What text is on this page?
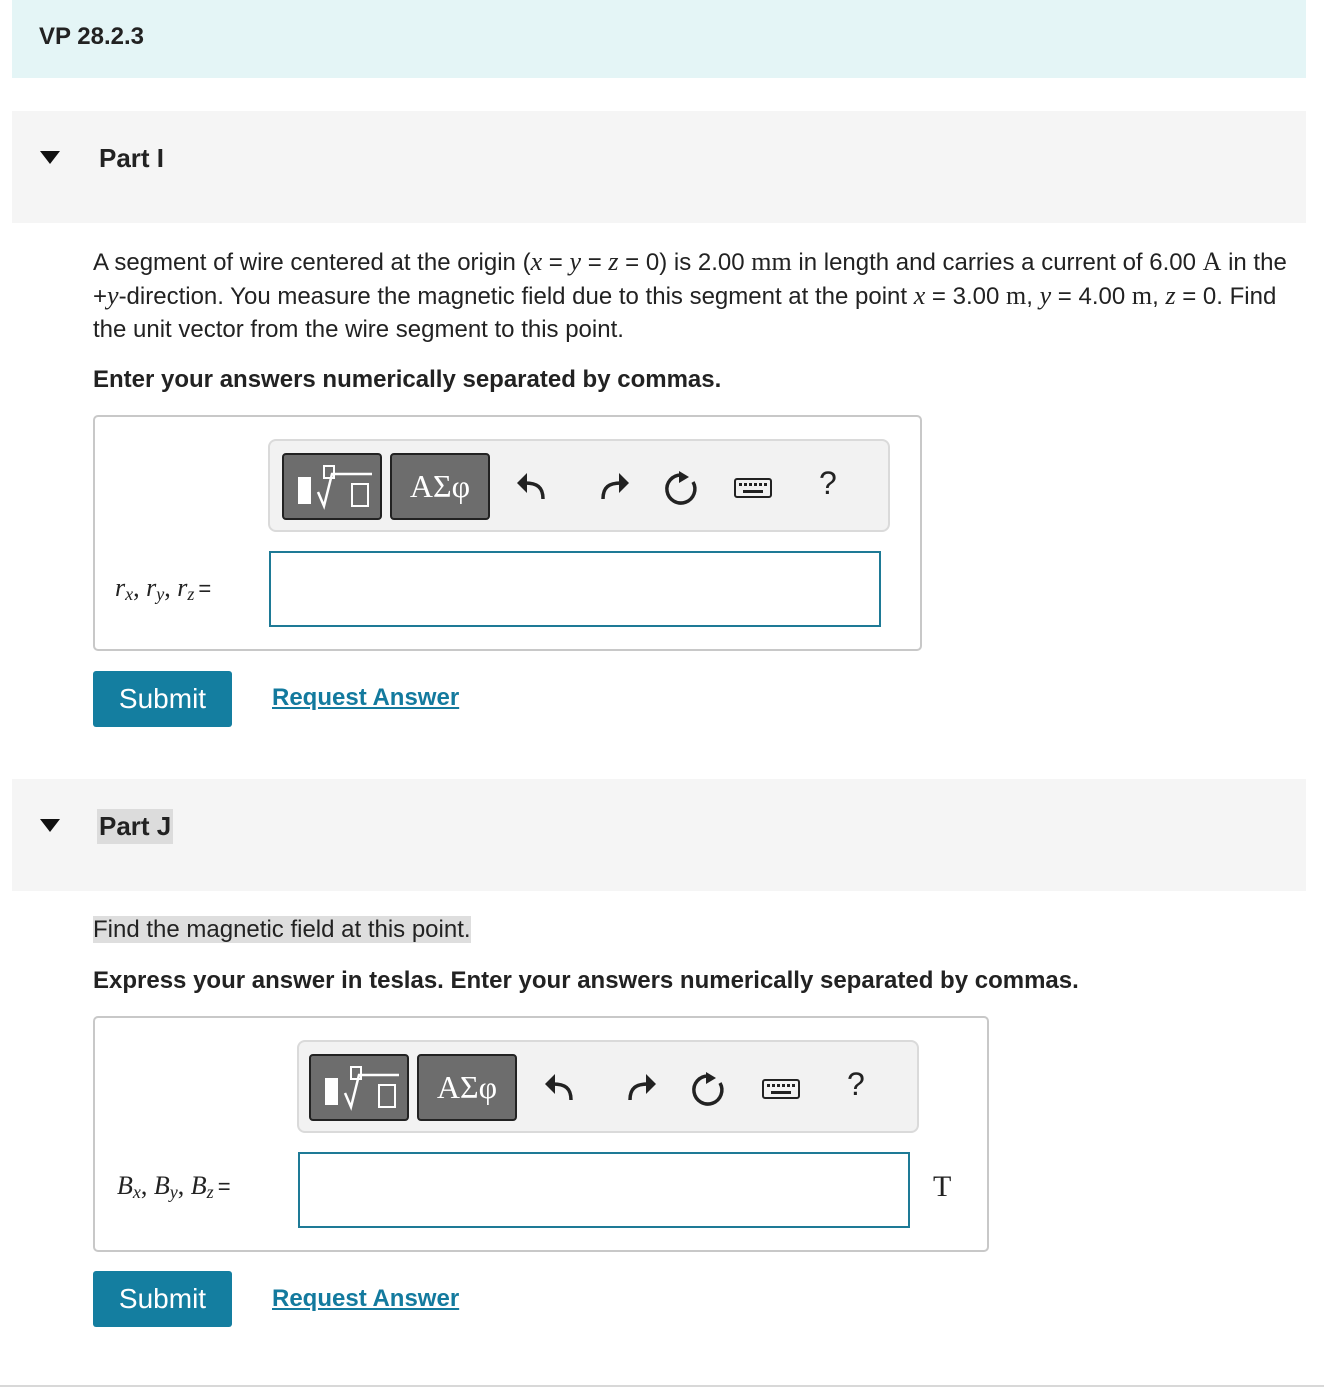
VP 28.2.3
Part I
A segment of wire centered at the origin (x = y = z = 0) is 2.00 mm in length and carries a current of 6.00 A in the +y-direction. You measure the magnetic field due to this segment at the point x = 3.00 m, y = 4.00 m, z = 0. Find the unit vector from the wire segment to this point.
Enter your answers numerically separated by commas.
ΑΣφ	?
$r_x$, $r_y$, $r_z$ =
Submit	Request Answer
Part J
Find the magnetic field at this point.
Express your answer in teslas. Enter your answers numerically separated by commas.
ΑΣφ	?
$B_x$, $B_y$, $B_z$ =	T
Submit	Request Answer
